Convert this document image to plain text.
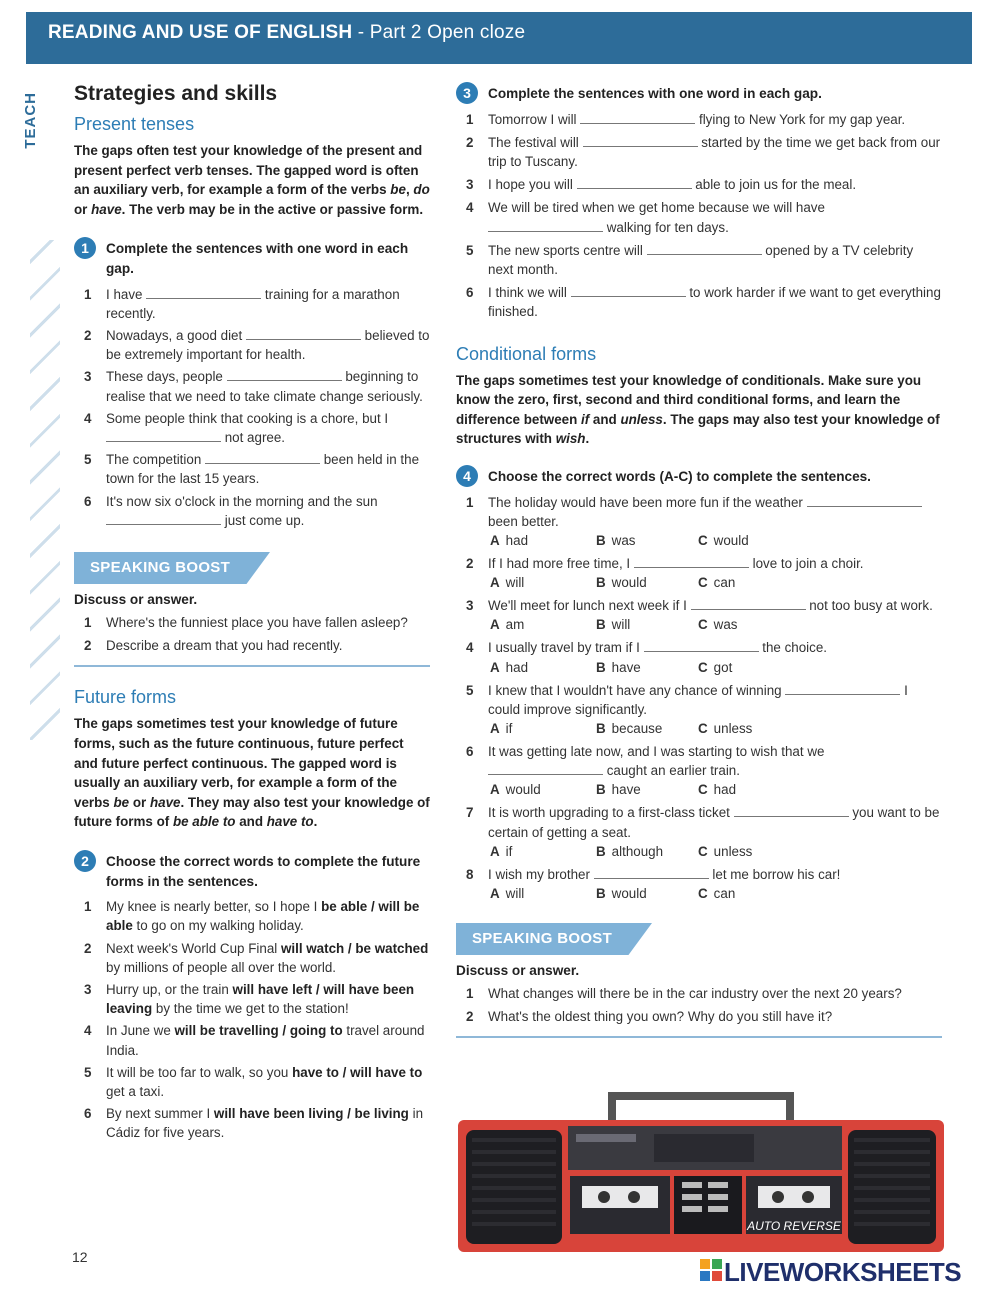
READING AND USE OF ENGLISH - Part 2 Open cloze
TEACH Strategies and skills
Present tenses
The gaps often test your knowledge of the present and present perfect verb tenses. The gapped word is often an auxiliary verb, for example a form of the verbs be, do or have. The verb may be in the active or passive form.
1	Complete the sentences with one word in each gap.
1 I have	training for a marathon recently.
2 Nowadays, a good diet	believed to be extremely important for health.
3 These days, people	beginning to realise that we need to take climate change seriously.
4 Some people think that cooking is a chore, but I  not agree.
5 The competition	been held in the town for the last 15 years.
6 It's now six o'clock in the morning and the sun  just come up.
SPEAKING BOOST
Discuss or answer.
1 Where's the funniest place you have fallen asleep?
2 Describe a dream that you had recently.
Future forms
The gaps sometimes test your knowledge of future forms, such as the future continuous, future perfect and future perfect continuous. The gapped word is usually an auxiliary verb, for example a form of the verbs be or have. They may also test your knowledge of future forms of be able to and have to.
2	Choose the correct words to complete the future forms in the sentences.
1 My knee is nearly better, so I hope I be able / will be able to go on my walking holiday.
2 Next week's World Cup Final will watch / be watched by millions of people all over the world.
3 Hurry up, or the train will have left / will have been leaving by the time we get to the station!
4 In June we will be travelling / going to travel around India.
5 It will be too far to walk, so you have to / will have to get a taxi.
6 By next summer I will have been living / be living in Cádiz for five years.
12
3	Complete the sentences with one word in each gap.
1 Tomorrow I will	flying to New York for my gap year.
2 The festival will	started by the time we get back from our trip to Tuscany.
3 I hope you will	able to join us for the meal.
4 We will be tired when we get home because we will have  walking for ten days.
5 The new sports centre will	opened by a TV celebrity next month.
6 I think we will	to work harder if we want to get everything finished.
Conditional forms
The gaps sometimes test your knowledge of conditionals. Make sure you know the zero, first, second and third conditional forms, and learn the difference between if and unless. The gaps may also test your knowledge of structures with wish.
4	Choose the correct words (A-C) to complete the sentences.
1 The holiday would have been more fun if the weather  been better.
A had	B was	C would
2 If I had more free time, I	love to join a choir.
A will	B would	C can
3 We'll meet for lunch next week if I	not too busy at work.
A am	B will	C was
4 I usually travel by tram if I	the choice.
A had	B have	C got
5 I knew that I wouldn't have any chance of winning	I could improve significantly.
A if	B because	C unless
6 It was getting late now, and I was starting to wish that we  caught an earlier train.
A would	B have	C had
7 It is worth upgrading to a first-class ticket	you want to be certain of getting a seat.
A if	B although	C unless
8 I wish my brother	let me borrow his car!
A will	B would	C can
SPEAKING BOOST
Discuss or answer.
1 What changes will there be in the car industry over the next 20 years?
2 What's the oldest thing you own? Why do you still have it?
AUTO REVERSE
LIVEWORKSHEETS
